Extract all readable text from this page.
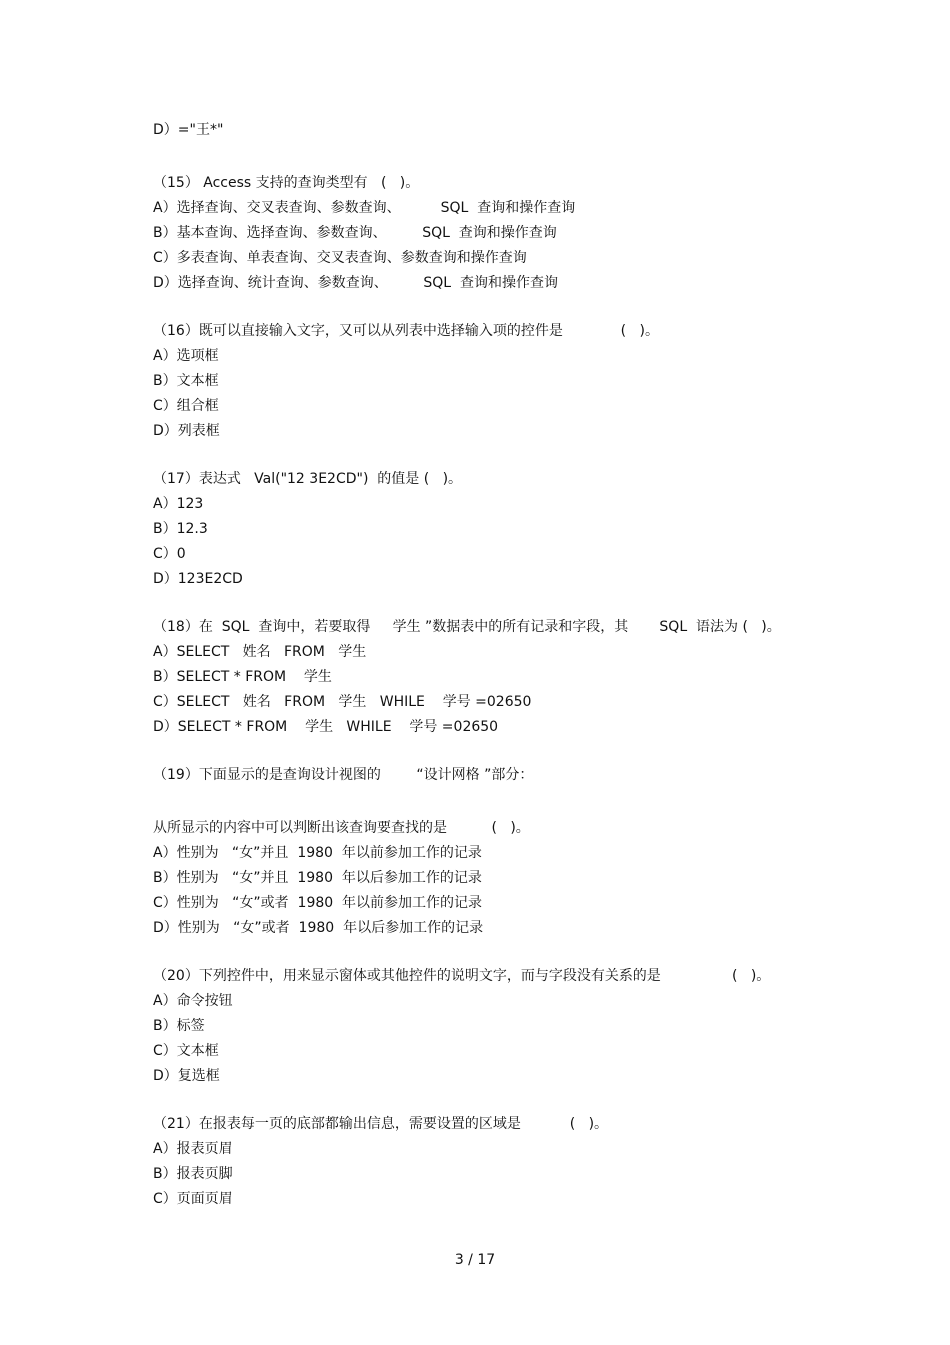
D）="王*"
（15） Access 支持的查询类型有   (   )。
A）选择查询、交叉表查询、参数查询、         SQL  查询和操作查询
B）基本查询、选择查询、参数查询、        SQL  查询和操作查询
C）多表查询、单表查询、交叉表查询、参数查询和操作查询
D）选择查询、统计查询、参数查询、        SQL  查询和操作查询
（16）既可以直接输入文字，又可以从列表中选择输入项的控件是             (   )。
A）选项框
B）文本框
C）组合框
D）列表框
（17）表达式   Val("12 3E2CD")  的值是 (   )。
A）123
B）12.3
C）0
D）123E2CD
（18）在  SQL  查询中，若要取得     学生 ”数据表中的所有记录和字段，其       SQL  语法为 (   )。
A）SELECT   姓名   FROM   学生
B）SELECT * FROM    学生
C）SELECT   姓名   FROM   学生   WHILE    学号 =02650
D）SELECT * FROM    学生   WHILE    学号 =02650
（19）下面显示的是查询设计视图的        “设计网格 ”部分：
从所显示的内容中可以判断出该查询要查找的是          (   )。
A）性别为   “女”并且  1980  年以前参加工作的记录
B）性别为   “女”并且  1980  年以后参加工作的记录
C）性别为   “女”或者  1980  年以前参加工作的记录
D）性别为   “女”或者  1980  年以后参加工作的记录
（20）下列控件中，用来显示窗体或其他控件的说明文字，而与字段没有关系的是                (   )。
A）命令按钮
B）标签
C）文本框
D）复选框
（21）在报表每一页的底部都输出信息，需要设置的区域是           (   )。
A）报表页眉
B）报表页脚
C）页面页眉
3 / 17
